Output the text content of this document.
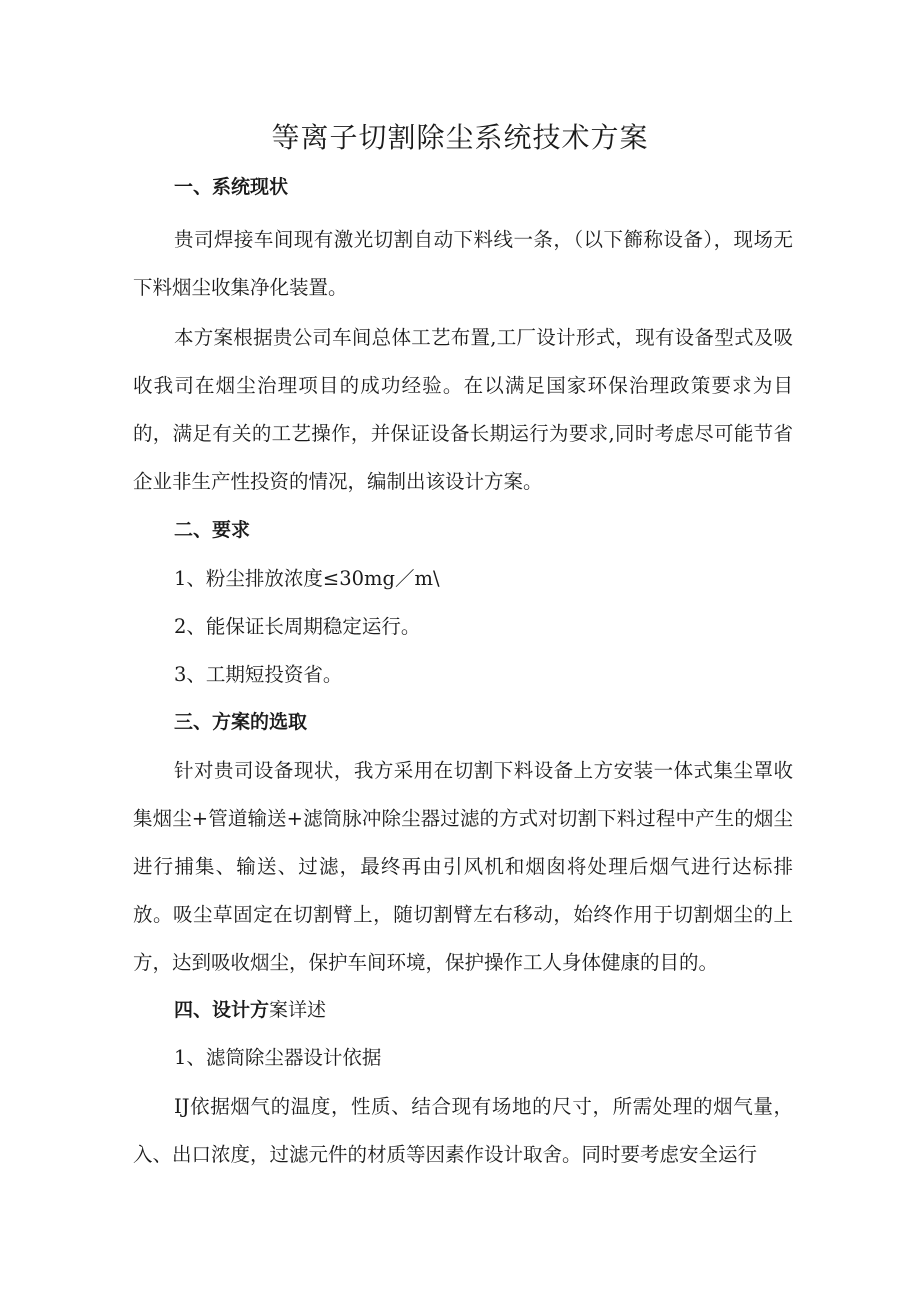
等离子切割除尘系统技术方案
一、系统现状

贵司焊接车间现有激光切割自动下料线一条，（以下籂称设备），现场无下料烟尘收集净化装置。

本方案根据贵公司车间总体工艺布置,工厂设计形式，现有设备型式及吸收我司在烟尘治理项目的成功经验。在以满足国家环保治理政策要求为目的，满足有关的工艺操作，并保证设备长期运行为要求,同时考虑尽可能节省企业非生产性投资的情况，编制出该设计方案。

二、要求

1、粉尘排放浓度≤30mg／m\

2、能保证长周期稳定运行。

3、工期短投资省。

三、方案的选取

针对贵司设备现状，我方采用在切割下料设备上方安装一体式集尘罩收集烟尘+管道输送+滤筒脉冲除尘器过滤的方式对切割下料过程中产生的烟尘进行捕集、输送、过滤，最终再由引风机和烟囱将处理后烟气进行达标排放。吸尘草固定在切割臂上，随切割臂左右移动，始终作用于切割烟尘的上方，达到吸收烟尘，保护车间环境，保护操作工人身体健康的目的。

四、设计方案详述

1、滤筒除尘器设计依据

IJ依据烟气的温度，性质、结合现有场地的尺寸，所需处理的烟气量，入、出口浓度，过滤元件的材质等因素作设计取舍。同时要考虑安全运行
